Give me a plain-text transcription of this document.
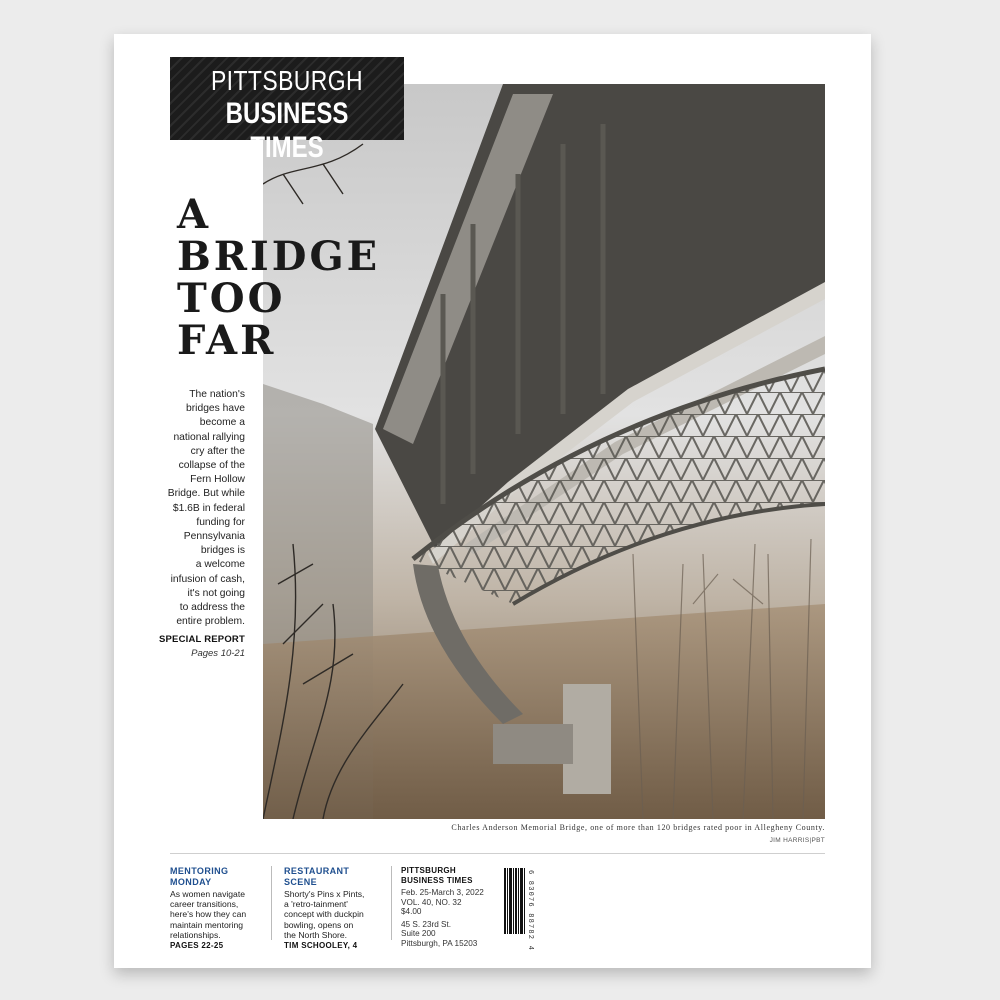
PITTSBURGH
BUSINESS TIMES
A
BRIDGE
TOO
FAR
The nation's
bridges have
become a
national rallying
cry after the
collapse of the
Fern Hollow
Bridge. But while
$1.6B in federal
funding for
Pennsylvania
bridges is
a welcome
infusion of cash,
it's not going
to address the
entire problem.
SPECIAL REPORT
Pages 10-21
Charles Anderson Memorial Bridge, one of more than 120 bridges rated poor in Allegheny County.
JIM HARRIS|PBT
MENTORING
MONDAY
As women navigate
career transitions,
here's how they can
maintain mentoring
relationships.
PAGES 22-25
RESTAURANT
SCENE
Shorty's Pins x Pints,
a 'retro-tainment'
concept with duckpin
bowling, opens on
the North Shore.
TIM SCHOOLEY, 4
PITTSBURGH
BUSINESS TIMES
Feb. 25-March 3, 2022
VOL. 40, NO. 32
$4.00
45 S. 23rd St.
Suite 200
Pittsburgh, PA 15203	6 83076 88782 4
